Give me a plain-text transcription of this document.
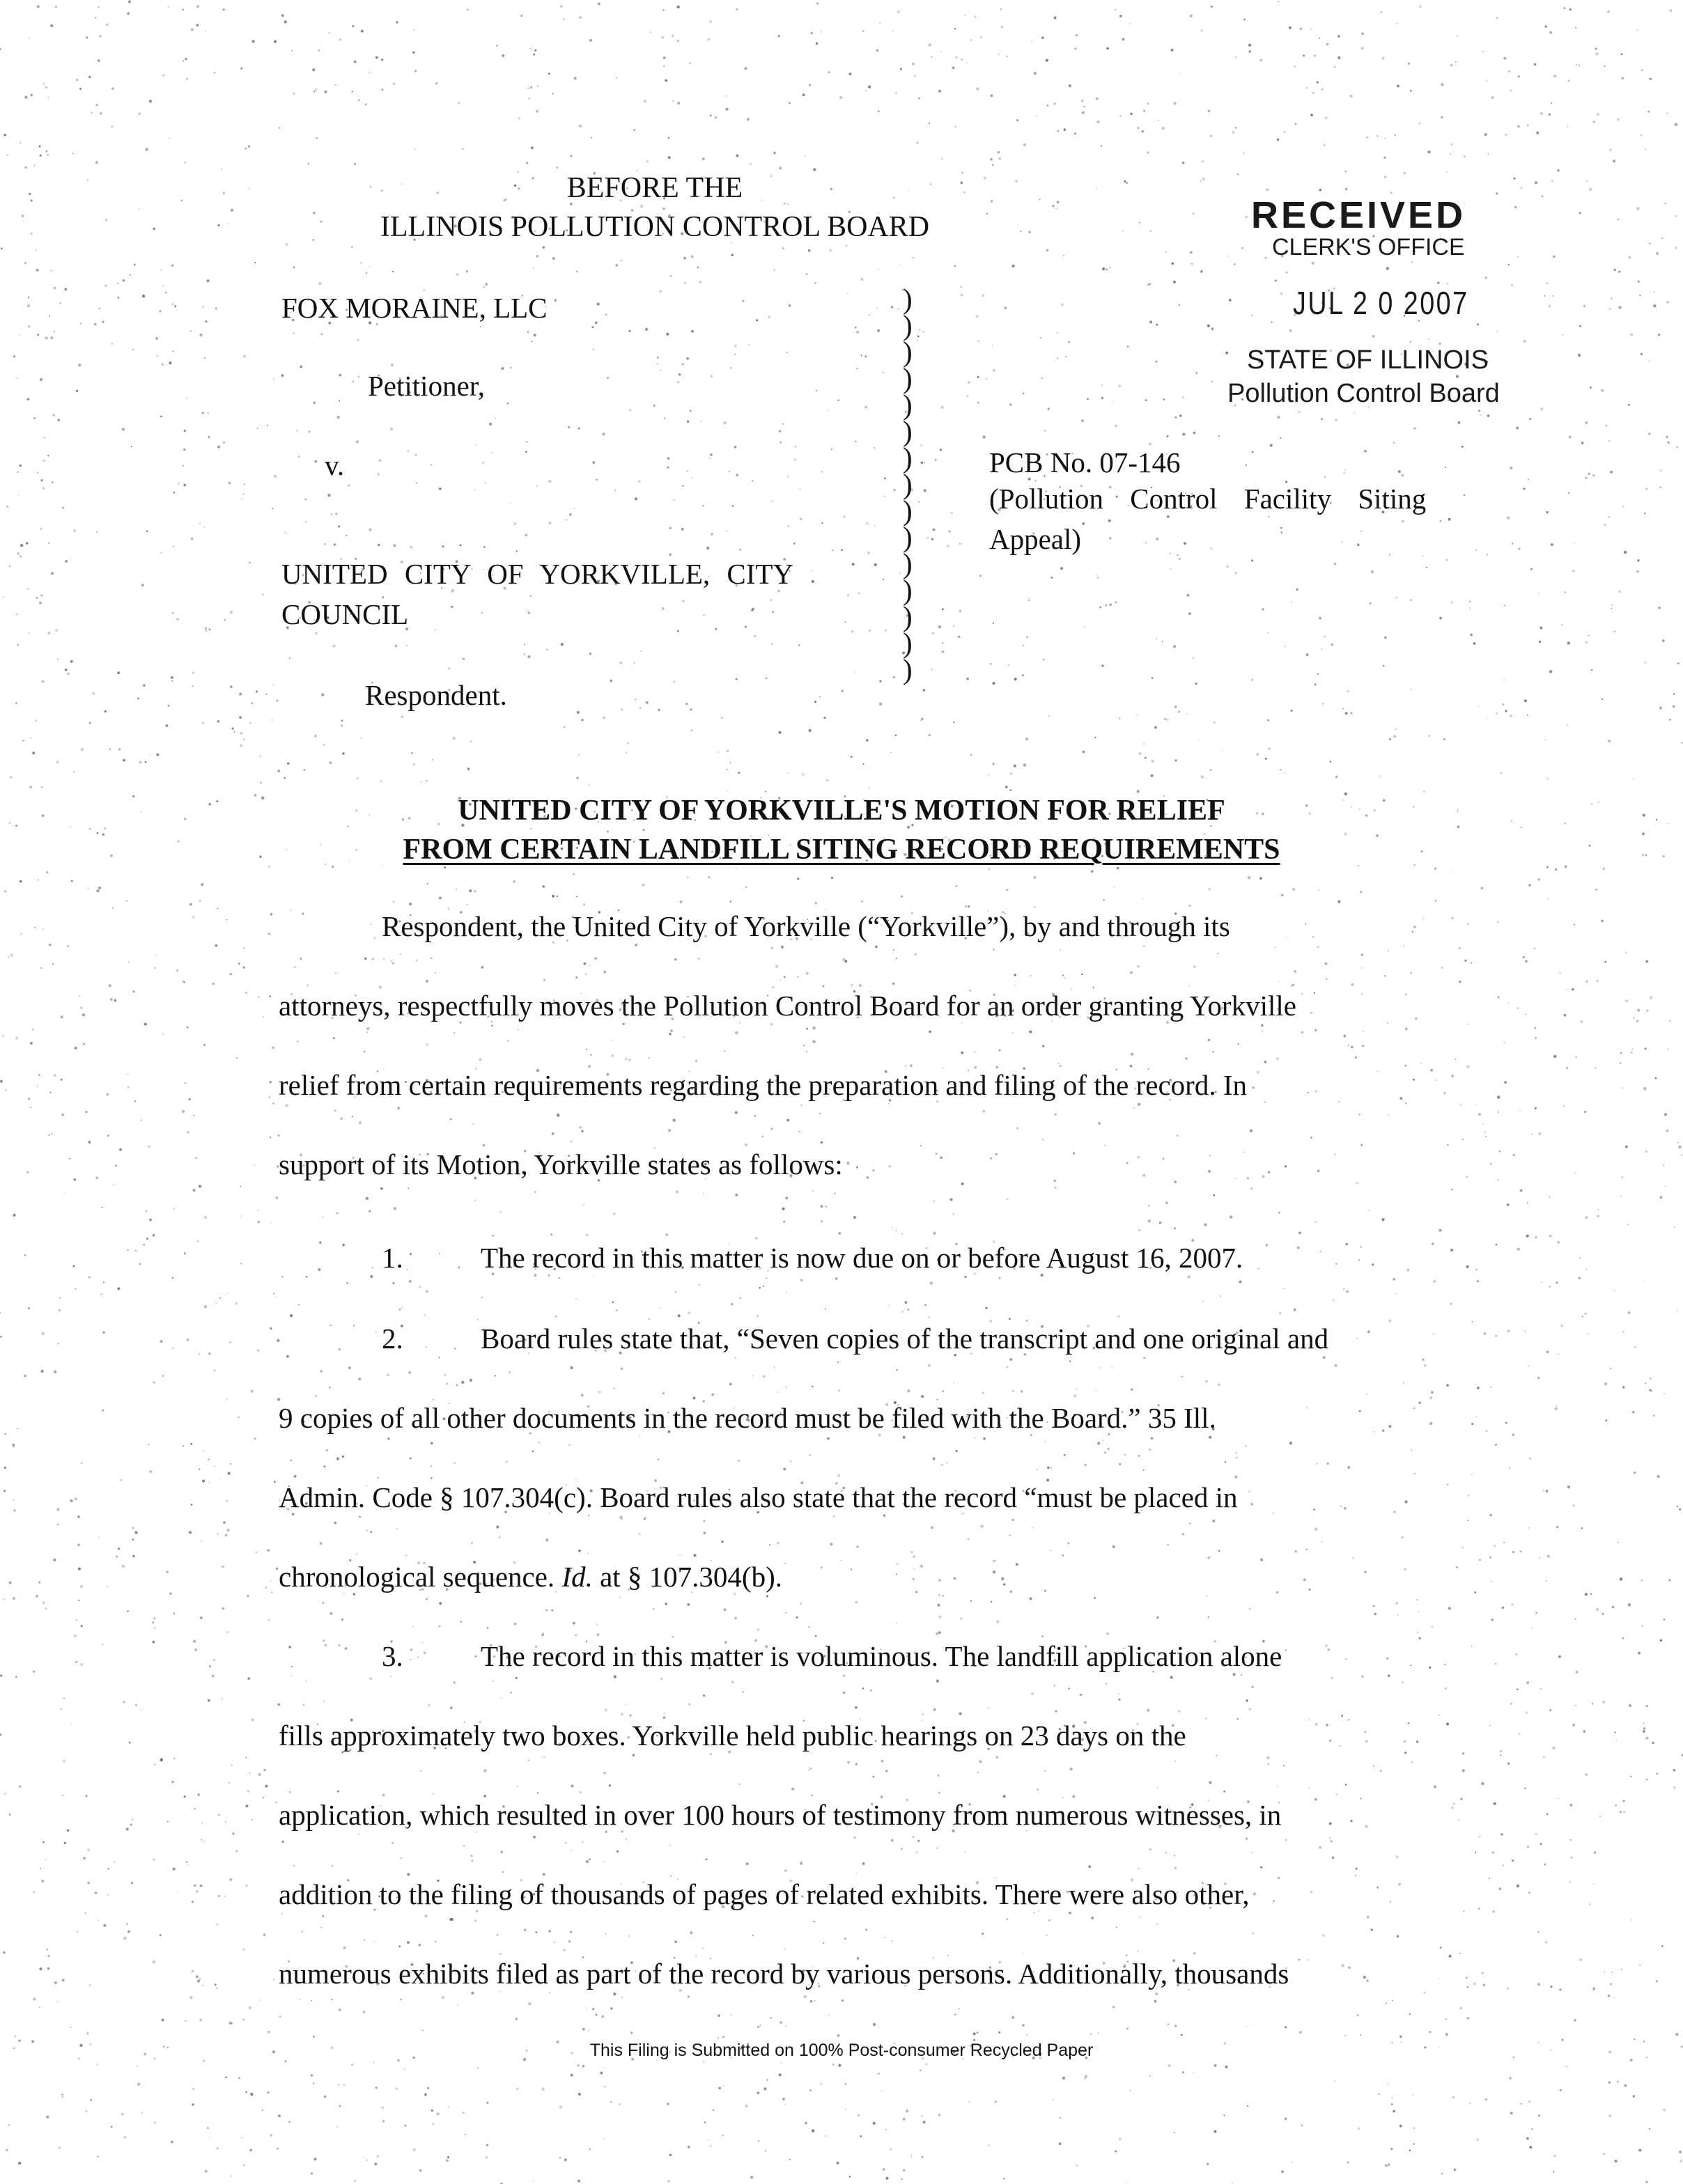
BEFORE THE
ILLINOIS POLLUTION CONTROL BOARD	RECEIVED
CLERK'S OFFICE
JUL 2 0 2007
STATE OF ILLINOIS
Pollution Control Board
FOX MORAINE, LLC
Petitioner,
v.
UNITED CITY OF YORKVILLE, CITY
COUNCIL
Respondent.
)
)
)
)
)
)
)
)
)
)
)
)
)
)
)
PCB No. 07-146
(Pollution Control Facility Siting
Appeal)
UNITED CITY OF YORKVILLE'S MOTION FOR RELIEF
FROM CERTAIN LANDFILL SITING RECORD REQUIREMENTS
Respondent, the United City of Yorkville (“Yorkville”), by and through its
attorneys, respectfully moves the Pollution Control Board for an order granting Yorkville
relief from certain requirements regarding the preparation and filing of the record. In
support of its Motion, Yorkville states as follows:
1.	The record in this matter is now due on or before August 16, 2007.
2.	Board rules state that, “Seven copies of the transcript and one original and
9 copies of all other documents in the record must be filed with the Board.” 35 Ill.
Admin. Code § 107.304(c). Board rules also state that the record “must be placed in
chronological sequence. Id. at § 107.304(b).
3.	The record in this matter is voluminous. The landfill application alone
fills approximately two boxes. Yorkville held public hearings on 23 days on the
application, which resulted in over 100 hours of testimony from numerous witnesses, in
addition to the filing of thousands of pages of related exhibits. There were also other,
numerous exhibits filed as part of the record by various persons. Additionally, thousands
This Filing is Submitted on 100% Post-consumer Recycled Paper
